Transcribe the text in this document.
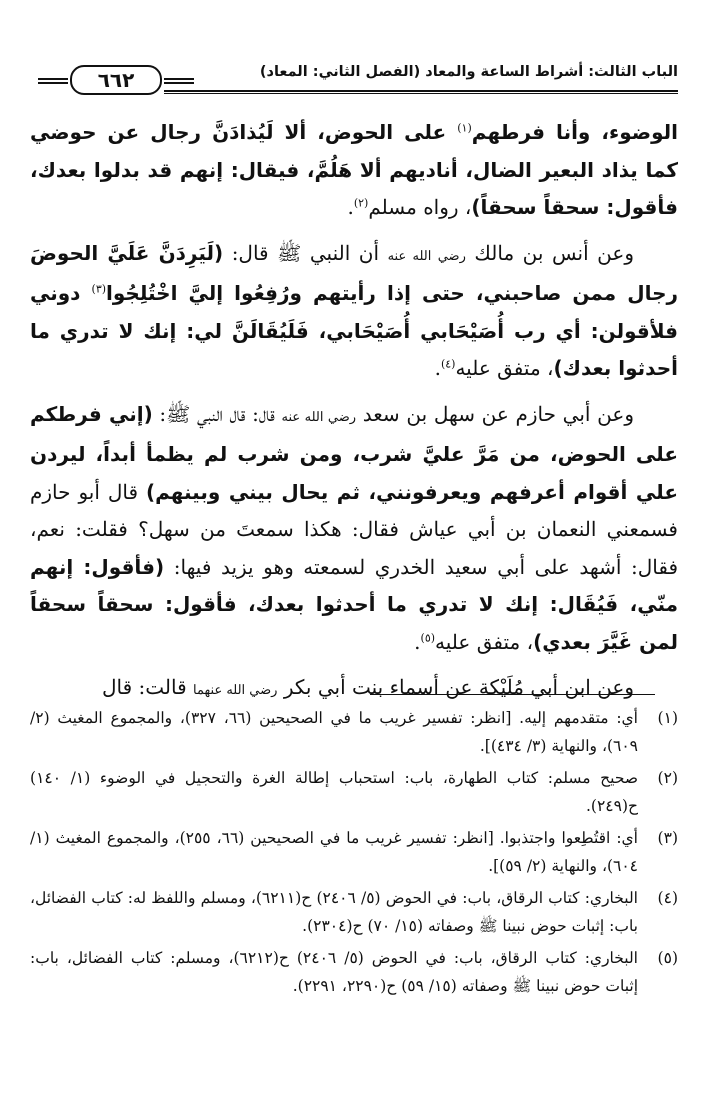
٦٦٢	الباب الثالث: أشراط الساعة والمعاد (الفصل الثاني: المعاد)

الوضوء، وأنا فرطهم$^{(١)}$ على الحوض، ألا لَيُذادَنَّ رجال عن حوضي كما يذاد البعير الضال، أناديهم ألا هَلُمَّ، فيقال: إنهم قد بدلوا بعدك، فأقول: سحقاً سحقاً)، رواه مسلم$^{(٢)}$.

وعن أنس بن مالك رضي الله عنه أن النبي ﷺ قال: (لَيَرِدَنَّ عَلَيَّ الحوضَ رجال ممن صاحبني، حتى إذا رأيتهم ورُفِعُوا إليَّ اخْتُلِجُوا$^{(٣)}$ دوني فلأقولن: أي رب أُصَيْحَابي أُصَيْحَابي، فَلَيُقَالَنَّ لي: إنك لا تدري ما أحدثوا بعدك)، متفق عليه$^{(٤)}$.

وعن أبي حازم عن سهل بن سعد رضي الله عنه قال: قال النبي ﷺ: (إني فرطكم على الحوض، من مَرَّ عليَّ شرب، ومن شرب لم يظمأ أبداً، ليردن علي أقوام أعرفهم ويعرفونني، ثم يحال بيني وبينهم) قال أبو حازم فسمعني النعمان بن أبي عياش فقال: هكذا سمعتَ من سهل؟ فقلت: نعم، فقال: أشهد على أبي سعيد الخدري لسمعته وهو يزيد فيها: (فأقول: إنهم منّي، فَيُقَال: إنك لا تدري ما أحدثوا بعدك، فأقول: سحقاً سحقاً لمن غَيَّرَ بعدي)، متفق عليه$^{(٥)}$.

وعن ابن أبي مُلَيْكة عن أسماء بنت أبي بكر رضي الله عنهما قالت: قال

(١)
أي: متقدمهم إليه. [انظر: تفسير غريب ما في الصحيحين (٦٦، ٣٢٧)، والمجموع المغيث (٢/ ٦٠٩)، والنهاية (٣/ ٤٣٤)].
(٢)
صحيح مسلم: كتاب الطهارة، باب: استحباب إطالة الغرة والتحجيل في الوضوء (١/ ١٤٠) ح(٢٤٩).
(٣)
أي: اقتُطِعوا واجتذبوا. [انظر: تفسير غريب ما في الصحيحين (٦٦، ٢٥٥)، والمجموع المغيث (١/ ٦٠٤)، والنهاية (٢/ ٥٩)].
(٤)
البخاري: كتاب الرقاق، باب: في الحوض (٥/ ٢٤٠٦) ح(٦٢١١)، ومسلم واللفظ له: كتاب الفضائل، باب: إثبات حوض نبينا ﷺ وصفاته (١٥/ ٧٠) ح(٢٣٠٤).
(٥)
البخاري: كتاب الرقاق، باب: في الحوض (٥/ ٢٤٠٦) ح(٦٢١٢)، ومسلم: كتاب الفضائل، باب: إثبات حوض نبينا ﷺ وصفاته (١٥/ ٥٩) ح(٢٢٩٠، ٢٢٩١).
